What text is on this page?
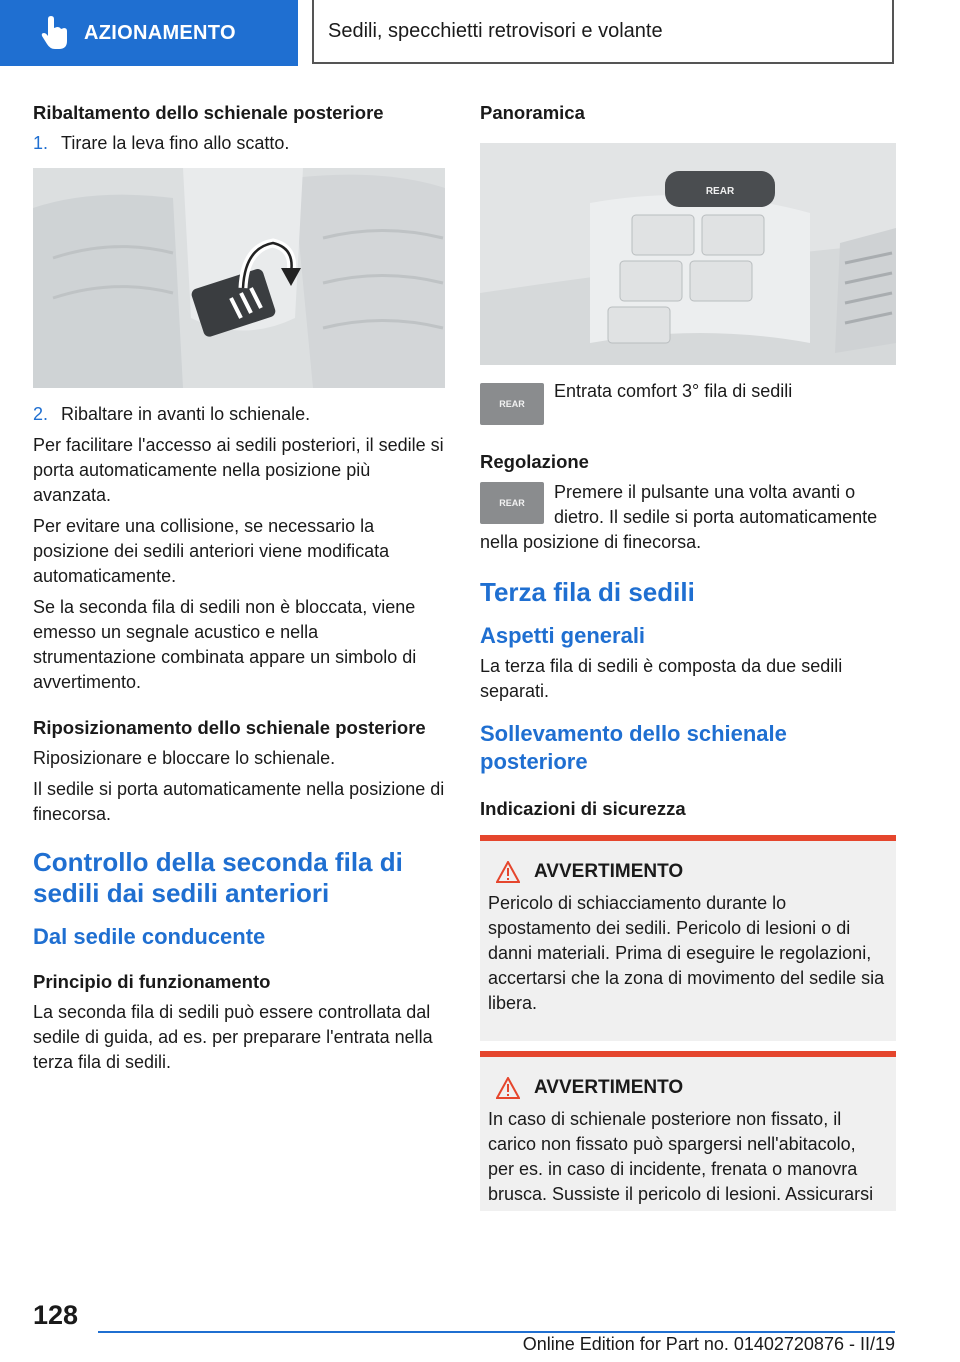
AZIONAMENTO	Sedili, specchietti retrovisori e volante
Ribaltamento dello schienale posteriore
1. Tirare la leva fino allo scatto.
2. Ribaltare in avanti lo schienale.

Per facilitare l'accesso ai sedili posteriori, il sedile si porta automaticamente nella posizione più avanzata.

Per evitare una collisione, se necessario la posizione dei sedili anteriori viene modificata automaticamente.

Se la seconda fila di sedili non è bloccata, viene emesso un segnale acustico e nella strumentazione combinata appare un simbolo di avvertimento.

Riposizionamento dello schienale posteriore

Riposizionare e bloccare lo schienale.

Il sedile si porta automaticamente nella posizione di finecorsa.

Controllo della seconda fila di sedili dai sedili anteriori
Dal sedile conducente
Principio di funzionamento

La seconda fila di sedili può essere controllata dal sedile di guida, ad es. per preparare l'entrata nella terza fila di sedili.

Panoramica
REAR
REAR

Entrata comfort 3° fila di sedili

Regolazione
REAR

Premere il pulsante una volta avanti o dietro. Il sedile si porta automaticamente nella posizione di finecorsa.

Terza fila di sedili
Aspetti generali

La terza fila di sedili è composta da due sedili separati.

Sollevamento dello schienale posteriore
Indicazioni di sicurezza
AVVERTIMENTO

Pericolo di schiacciamento durante lo spostamento dei sedili. Pericolo di lesioni o di danni materiali. Prima di eseguire le regolazioni, accertarsi che la zona di movimento del sedile sia libera.

AVVERTIMENTO

In caso di schienale posteriore non fissato, il carico non fissato può spargersi nell'abitacolo, per es. in caso di incidente, frenata o manovra brusca. Sussiste il pericolo di lesioni. Assicurarsi

128
Online Edition for Part no. 01402720876 - II/19
